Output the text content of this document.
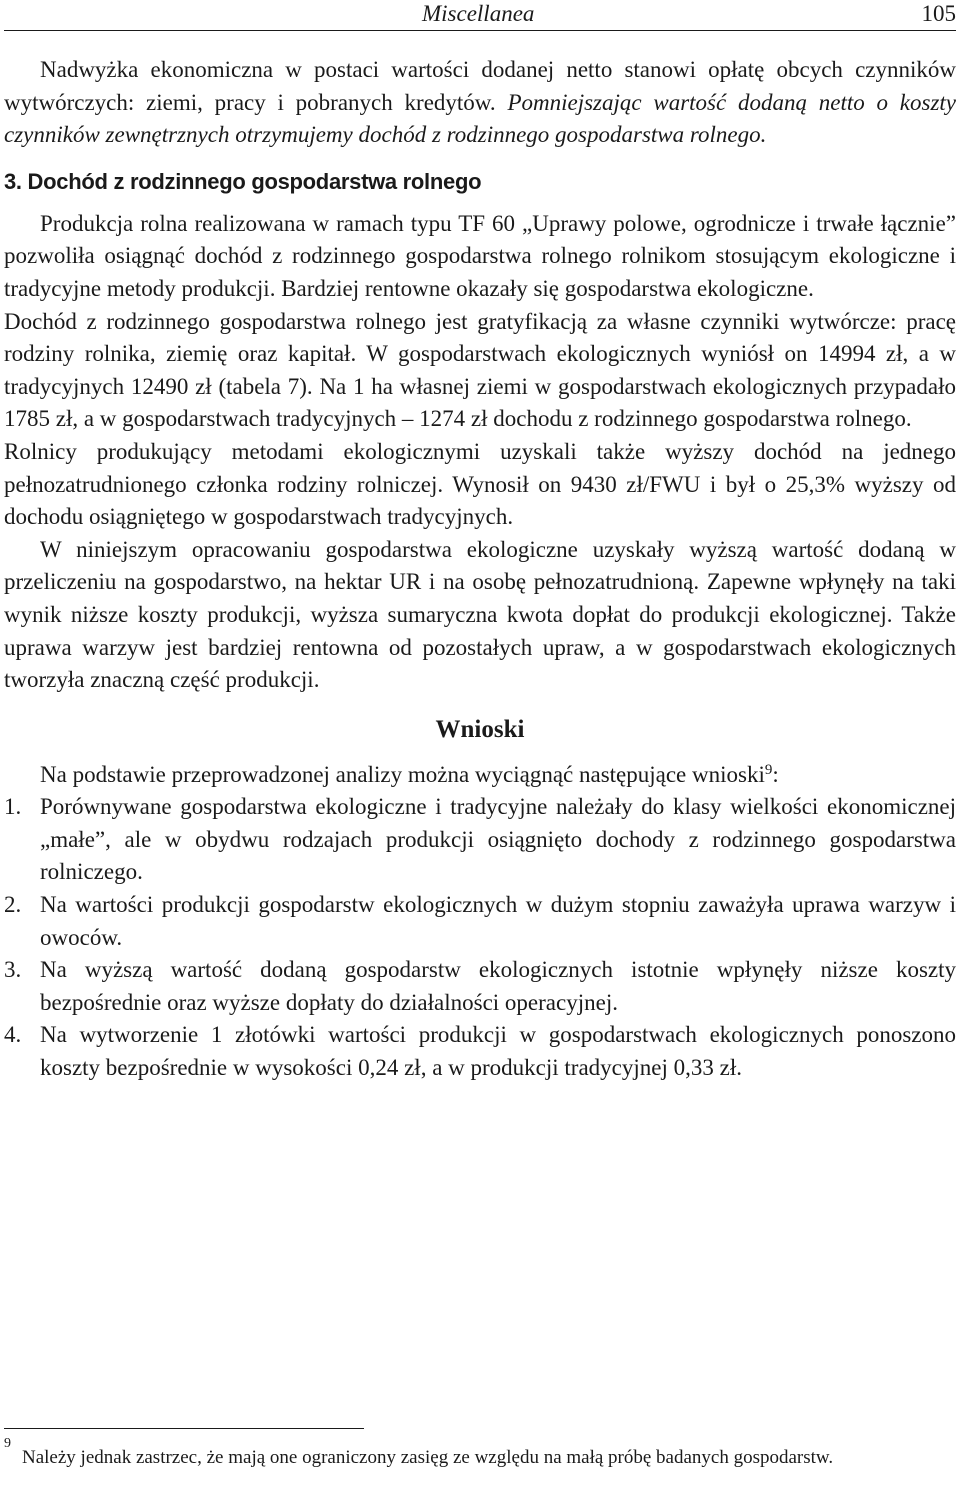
Miscellanea	105

Nadwyżka ekonomiczna w postaci wartości dodanej netto stanowi opłatę obcych czynników wytwórczych: ziemi, pracy i pobranych kredytów. Pomniejszając wartość dodaną netto o koszty czynników zewnętrznych otrzymujemy dochód z rodzinnego gospodarstwa rolnego.

3. Dochód z rodzinnego gospodarstwa rolnego

Produkcja rolna realizowana w ramach typu TF 60 „Uprawy polowe, ogrodnicze i trwałe łącznie” pozwoliła osiągnąć dochód z rodzinnego gospodarstwa rolnego rolnikom stosującym ekologiczne i tradycyjne metody produkcji. Bardziej rentowne okazały się gospodarstwa ekologiczne.

Dochód z rodzinnego gospodarstwa rolnego jest gratyfikacją za własne czynniki wytwórcze: pracę rodziny rolnika, ziemię oraz kapitał. W gospodarstwach ekologicznych wyniósł on 14994 zł, a w tradycyjnych 12490 zł (tabela 7). Na 1 ha własnej ziemi w gospodarstwach ekologicznych przypadało 1785 zł, a w gospodarstwach tradycyjnych – 1274 zł dochodu z rodzinnego gospodarstwa rolnego.

Rolnicy produkujący metodami ekologicznymi uzyskali także wyższy dochód na jednego pełnozatrudnionego członka rodziny rolniczej. Wynosił on 9430 zł/FWU i był o 25,3% wyższy od dochodu osiągniętego w gospodarstwach tradycyjnych.

W niniejszym opracowaniu gospodarstwa ekologiczne uzyskały wyższą wartość dodaną w przeliczeniu na gospodarstwo, na hektar UR i na osobę pełnozatrudnioną. Zapewne wpłynęły na taki wynik niższe koszty produkcji, wyższa sumaryczna kwota dopłat do produkcji ekologicznej. Także uprawa warzyw jest bardziej rentowna od pozostałych upraw, a w gospodarstwach ekologicznych tworzyła znaczną część produkcji.

Wnioski

Na podstawie przeprowadzonej analizy można wyciągnąć następujące wnioski$^9$:

1. Porównywane gospodarstwa ekologiczne i tradycyjne należały do klasy wielkości ekonomicznej „małe”, ale w obydwu rodzajach produkcji osiągnięto dochody z rodzinnego gospodarstwa rolniczego.
2. Na wartości produkcji gospodarstw ekologicznych w dużym stopniu zaważyła uprawa warzyw i owoców.
3. Na wyższą wartość dodaną gospodarstw ekologicznych istotnie wpłynęły niższe koszty bezpośrednie oraz wyższe dopłaty do działalności operacyjnej.
4. Na wytworzenie 1 złotówki wartości produkcji w gospodarstwach ekologicznych ponoszono koszty bezpośrednie w wysokości 0,24 zł, a w produkcji tradycyjnej 0,33 zł.
9
Należy jednak zastrzec, że mają one ograniczony zasięg ze względu na małą próbę badanych gospodarstw.
